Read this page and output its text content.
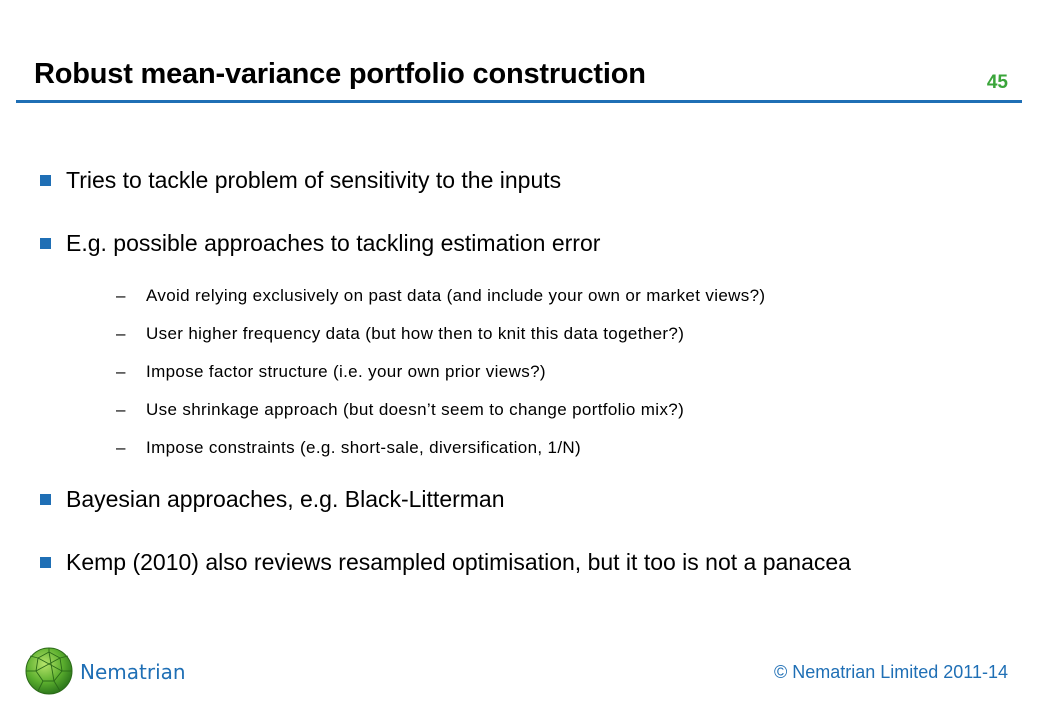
Robust mean-variance portfolio construction	45
Tries to tackle problem of sensitivity to the inputs
E.g. possible approaches to tackling estimation error
– Avoid relying exclusively on past data (and include your own or market views?)
– User higher frequency data (but how then to knit this data together?)
– Impose factor structure (i.e. your own prior views?)
– Use shrinkage approach (but doesn’t seem to change portfolio mix?)
– Impose constraints (e.g. short-sale, diversification, 1/N)
Bayesian approaches, e.g. Black-Litterman
Kemp (2010) also reviews resampled optimisation, but it too is not a panacea
Nematrian	© Nematrian Limited 2011-14
